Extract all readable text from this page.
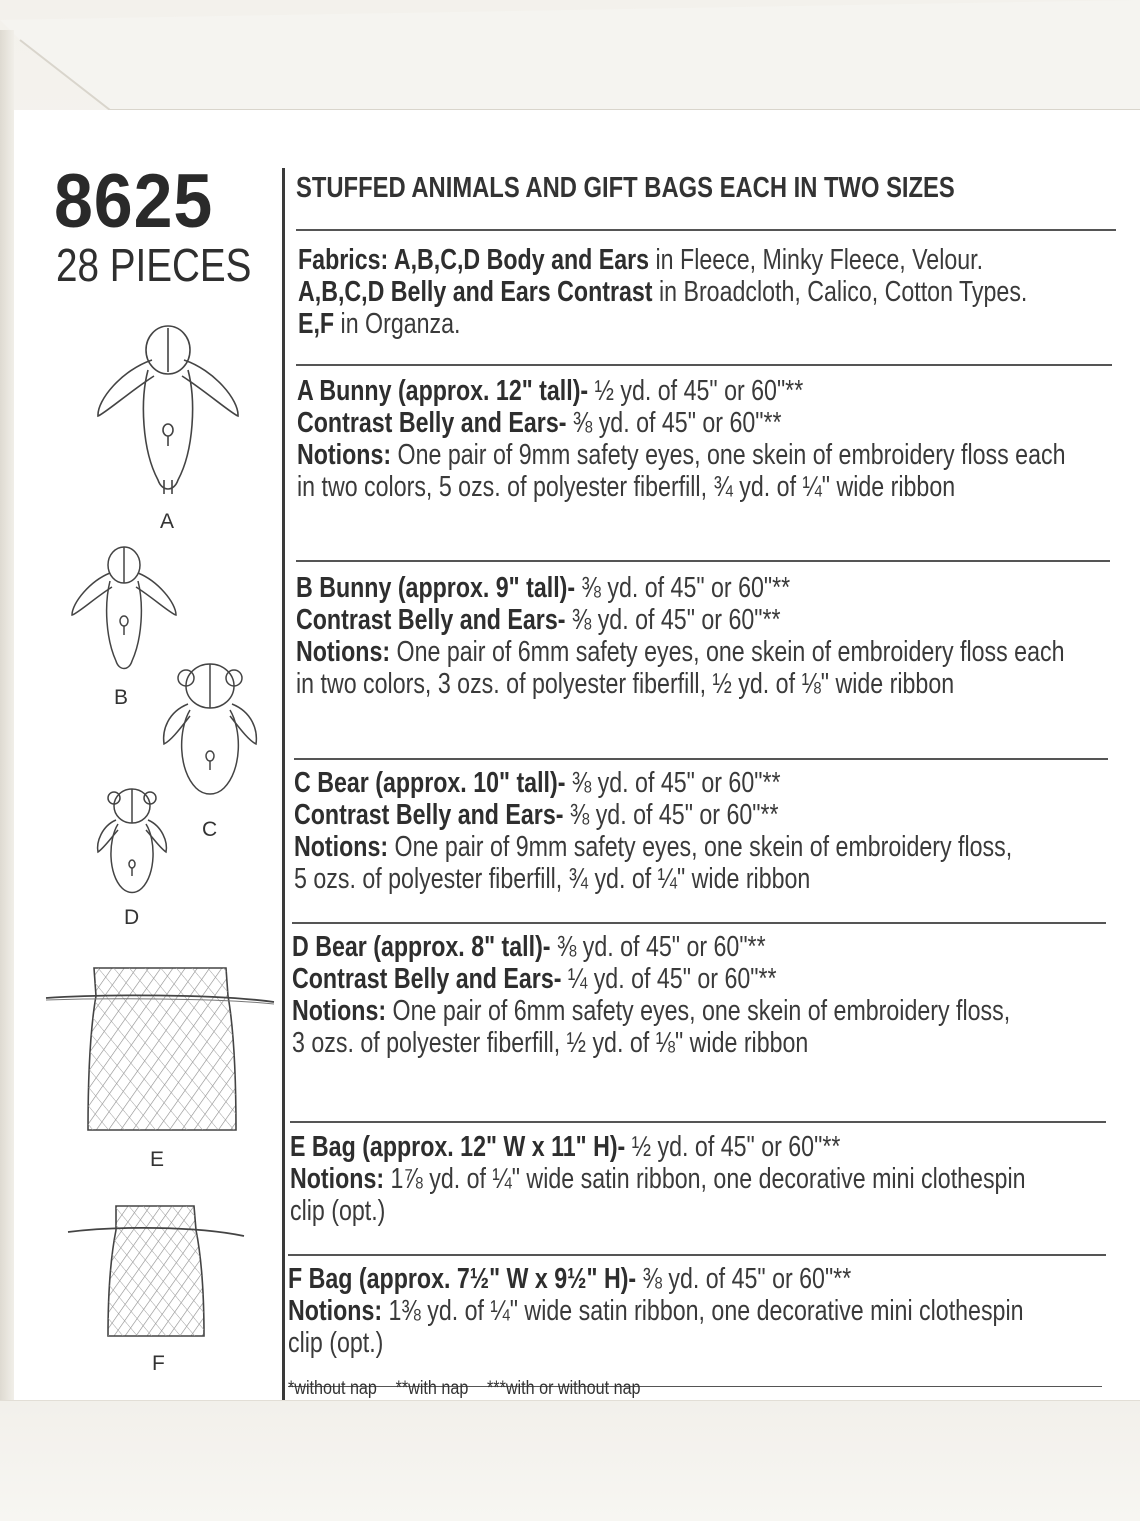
8625
28 PIECES
STUFFED ANIMALS AND GIFT BAGS EACH IN TWO SIZES
Fabrics: A,B,C,D Body and Ears in Fleece, Minky Fleece, Velour.
A,B,C,D Belly and Ears Contrast in Broadcloth, Calico, Cotton Types.
E,F in Organza.
A Bunny (approx. 12" tall)- ½ yd. of 45" or 60"**
Contrast Belly and Ears- ⅜ yd. of 45" or 60"**
Notions: One pair of 9mm safety eyes, one skein of embroidery floss each
in two colors, 5 ozs. of polyester fiberfill, ¾ yd. of ¼" wide ribbon
B Bunny (approx. 9" tall)- ⅜ yd. of 45" or 60"**
Contrast Belly and Ears- ⅜ yd. of 45" or 60"**
Notions: One pair of 6mm safety eyes, one skein of embroidery floss each
in two colors, 3 ozs. of polyester fiberfill, ½ yd. of ⅛" wide ribbon
C Bear (approx. 10" tall)- ⅜ yd. of 45" or 60"**
Contrast Belly and Ears- ⅜ yd. of 45" or 60"**
Notions: One pair of 9mm safety eyes, one skein of embroidery floss,
5 ozs. of polyester fiberfill, ¾ yd. of ¼" wide ribbon
D Bear (approx. 8" tall)- ⅜ yd. of 45" or 60"**
Contrast Belly and Ears- ¼ yd. of 45" or 60"**
Notions: One pair of 6mm safety eyes, one skein of embroidery floss,
3 ozs. of polyester fiberfill, ½ yd. of ⅛" wide ribbon
E Bag (approx. 12" W x 11" H)- ½ yd. of 45" or 60"**
Notions: 1⅞ yd. of ¼" wide satin ribbon, one decorative mini clothespin
clip (opt.)
F Bag (approx. 7½" W x 9½" H)- ⅜ yd. of 45" or 60"**
Notions: 1⅜ yd. of ¼" wide satin ribbon, one decorative mini clothespin
clip (opt.)
*without nap **with nap ***with or without nap
A
B
C
D
E
F
